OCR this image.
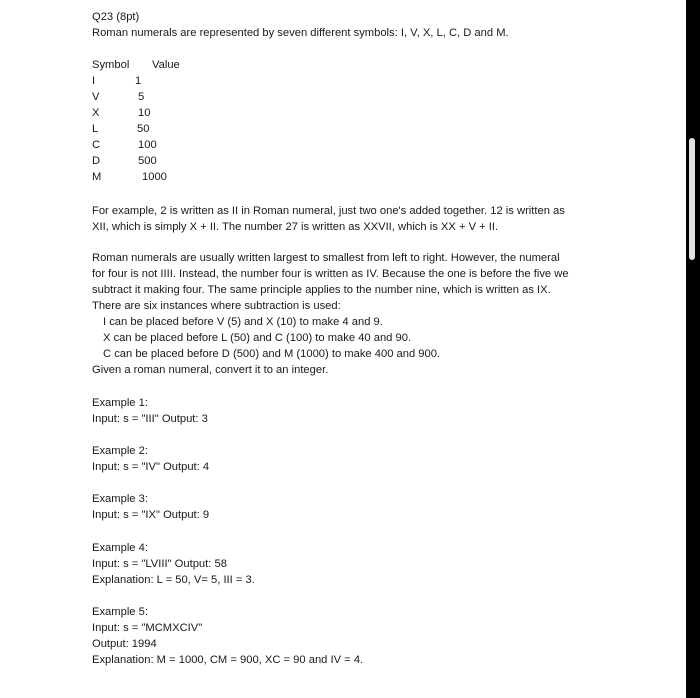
Q23 (8pt)
Roman numerals are represented by seven different symbols: I, V, X, L, C, D and M.
Symbol Value
I	1
V	5
X	10
L	50
C	100
D	500
M	1000
For example, 2 is written as II in Roman numeral, just two one's added together. 12 is written as
XII, which is simply X + II. The number 27 is written as XXVII, which is XX + V + II.
Roman numerals are usually written largest to smallest from left to right. However, the numeral
for four is not IIII. Instead, the number four is written as IV. Because the one is before the five we
subtract it making four. The same principle applies to the number nine, which is written as IX.
There are six instances where subtraction is used:
I can be placed before V (5) and X (10) to make 4 and 9.
X can be placed before L (50) and C (100) to make 40 and 90.
C can be placed before D (500) and M (1000) to make 400 and 900.
Given a roman numeral, convert it to an integer.
Example 1:
Input: s = "III" Output: 3
Example 2:
Input: s = "IV" Output: 4
Example 3:
Input: s = "IX" Output: 9
Example 4:
Input: s = "LVIII" Output: 58
Explanation: L = 50, V= 5, III = 3.
Example 5:
Input: s = "MCMXCIV"
Output: 1994
Explanation: M = 1000, CM = 900, XC = 90 and IV = 4.
